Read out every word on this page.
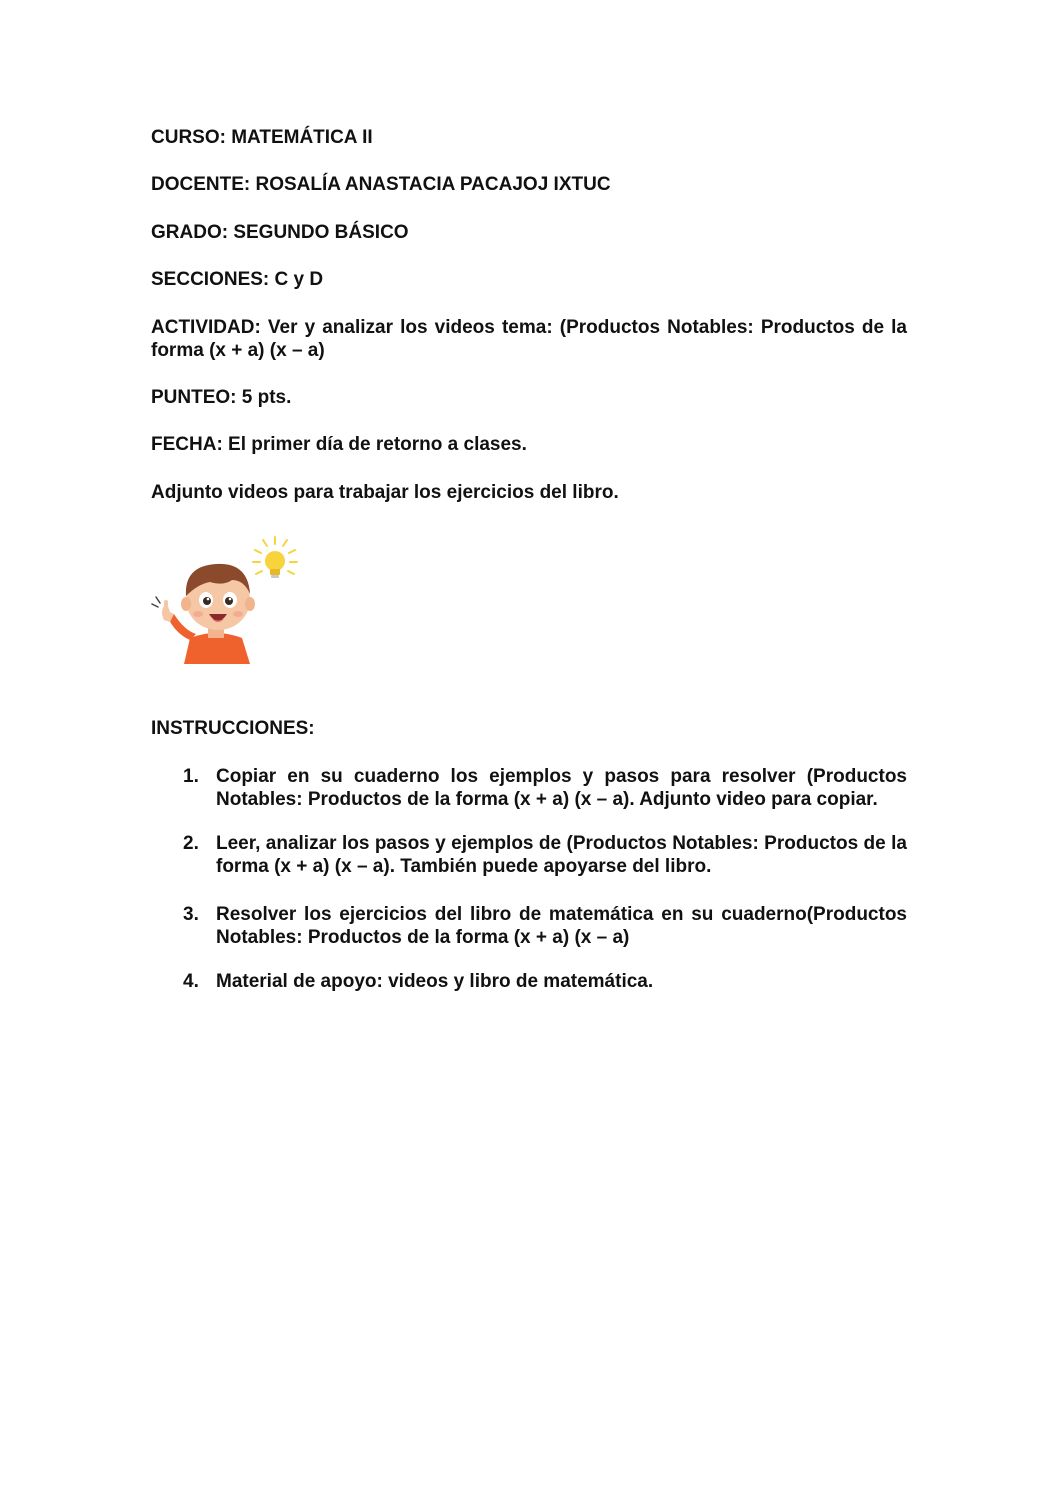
CURSO: MATEMÁTICA II

DOCENTE: ROSALÍA ANASTACIA PACAJOJ IXTUC

GRADO: SEGUNDO BÁSICO

SECCIONES: C y D

ACTIVIDAD: Ver y analizar los videos tema: (Productos Notables: Productos de la forma (x + a) (x – a)

PUNTEO: 5 pts.

FECHA: El primer día de retorno a clases.

Adjunto videos para trabajar los ejercicios del libro.

INSTRUCCIONES:

1. Copiar en su cuaderno los ejemplos y pasos para resolver (Productos Notables: Productos de la forma (x + a) (x – a). Adjunto video para copiar.
2. Leer, analizar los pasos y ejemplos de (Productos Notables: Productos de la forma (x + a) (x – a). También puede apoyarse del libro.
3. Resolver los ejercicios del libro de matemática en su cuaderno(Productos Notables: Productos de la forma (x + a) (x – a)
4. Material de apoyo: videos y libro de matemática.
